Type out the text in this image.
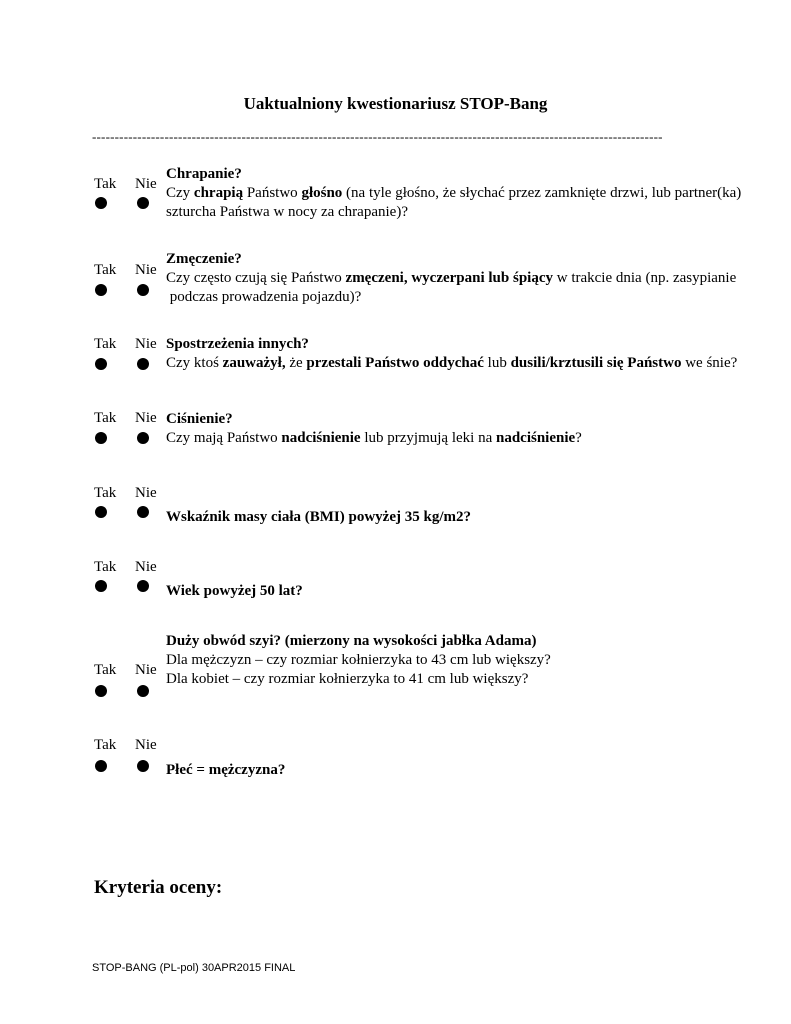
Uaktualniony kwestionariusz STOP-Bang
------------------------------------------------------------------------------------------------------------------------------
Tak Nie
Chrapanie?
Czy chrapią Państwo głośno (na tyle głośno, że słychać przez zamknięte drzwi, lub partner(ka)
szturcha Państwa w nocy za chrapanie)?
Tak Nie
Zmęczenie?
Czy często czują się Państwo zmęczeni, wyczerpani lub śpiący w trakcie dnia (np. zasypianie
podczas prowadzenia pojazdu)?
Tak Nie Spostrzeżenia innych?
Czy ktoś zauważył, że przestali Państwo oddychać lub dusili/krztusili się Państwo we śnie?
Tak Nie Ciśnienie?
Czy mają Państwo nadciśnienie lub przyjmują leki na nadciśnienie?
Tak Nie
Wskaźnik masy ciała (BMI) powyżej 35 kg/m2?
Tak Nie
Wiek powyżej 50 lat?
Tak Nie
Duży obwód szyi? (mierzony na wysokości jabłka Adama)
Dla mężczyzn – czy rozmiar kołnierzyka to 43 cm lub większy?
Dla kobiet – czy rozmiar kołnierzyka to 41 cm lub większy?
Tak Nie
Płeć = mężczyzna?
Kryteria oceny:
STOP-BANG (PL-pol) 30APR2015 FINAL
